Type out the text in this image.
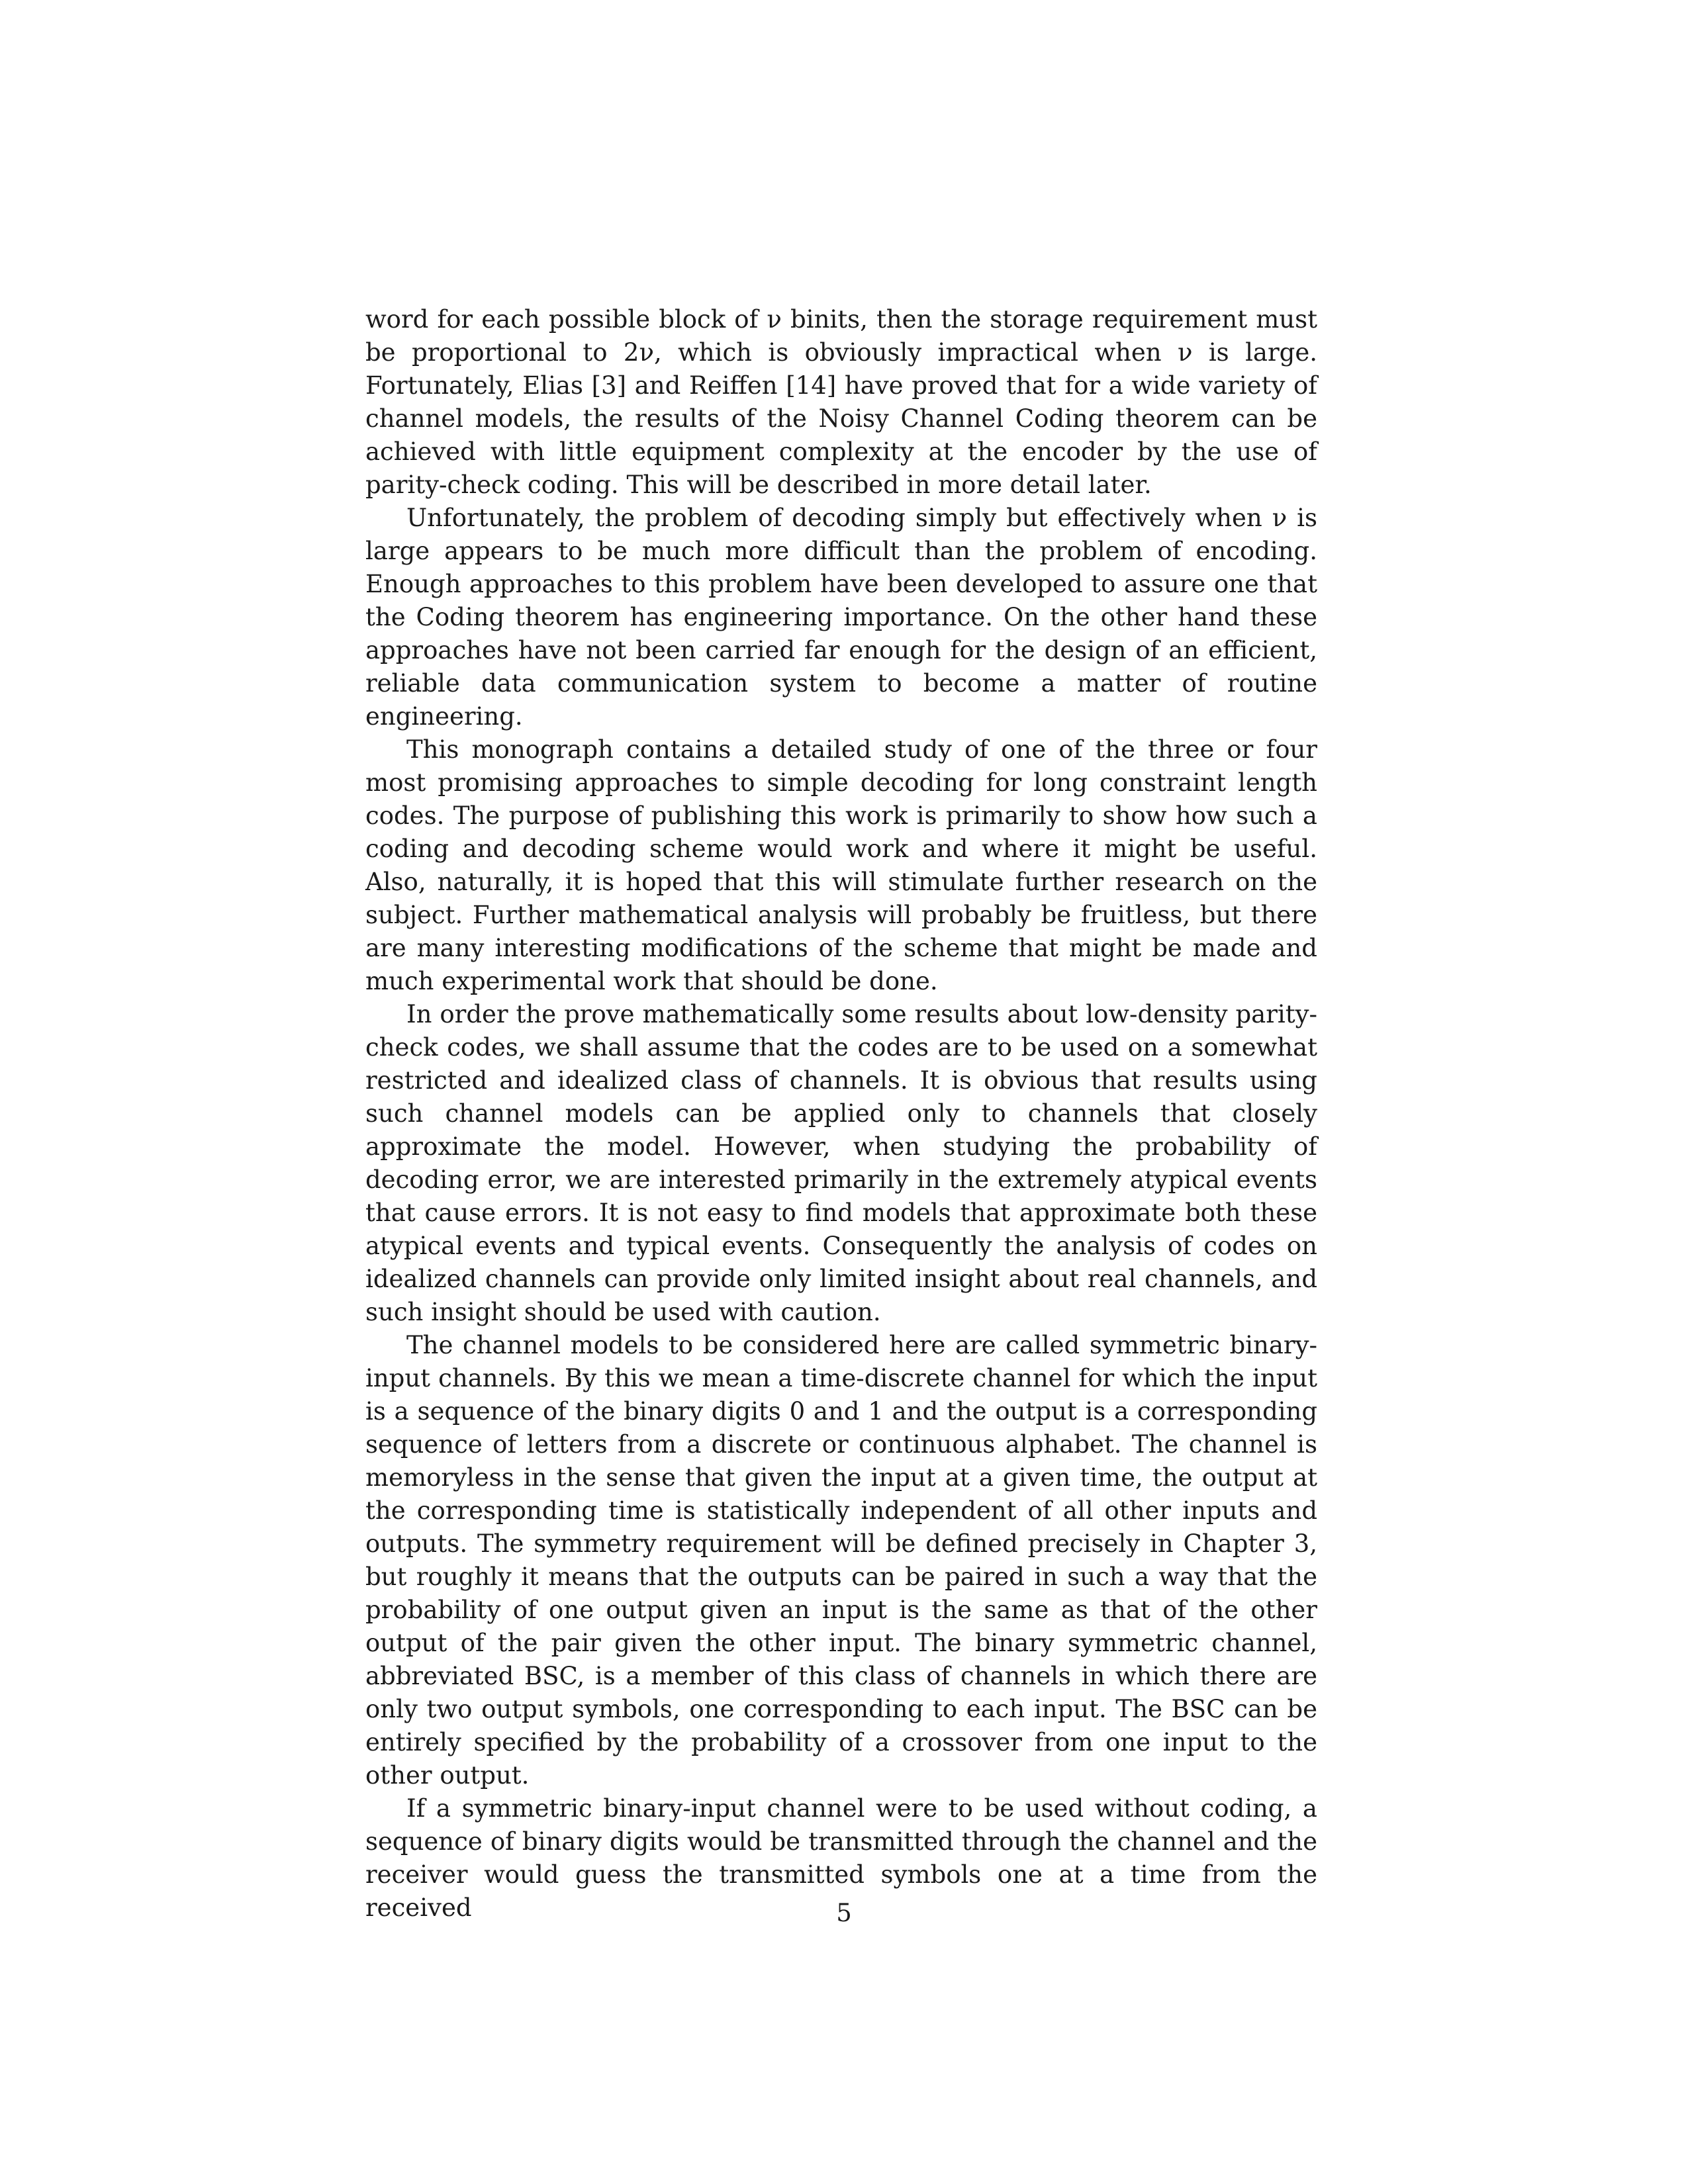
word for each possible block of ν binits, then the storage requirement must be proportional to 2ν, which is obviously impractical when ν is large. Fortunately, Elias [3] and Reiffen [14] have proved that for a wide variety of channel models, the results of the Noisy Channel Coding theorem can be achieved with little equipment complexity at the encoder by the use of parity-check coding. This will be described in more detail later.

Unfortunately, the problem of decoding simply but effectively when ν is large appears to be much more difficult than the problem of encoding. Enough approaches to this problem have been developed to assure one that the Coding theorem has engineering importance. On the other hand these approaches have not been carried far enough for the design of an efficient, reliable data communication system to become a matter of routine engineering.

This monograph contains a detailed study of one of the three or four most promising approaches to simple decoding for long constraint length codes. The purpose of publishing this work is primarily to show how such a coding and decoding scheme would work and where it might be useful. Also, naturally, it is hoped that this will stimulate further research on the subject. Further mathematical analysis will probably be fruitless, but there are many interesting modifications of the scheme that might be made and much experimental work that should be done.

In order the prove mathematically some results about low-density parity-check codes, we shall assume that the codes are to be used on a somewhat restricted and idealized class of channels. It is obvious that results using such channel models can be applied only to channels that closely approximate the model. However, when studying the probability of decoding error, we are interested primarily in the extremely atypical events that cause errors. It is not easy to find models that approximate both these atypical events and typical events. Consequently the analysis of codes on idealized channels can provide only limited insight about real channels, and such insight should be used with caution.

The channel models to be considered here are called symmetric binary-input channels. By this we mean a time-discrete channel for which the input is a sequence of the binary digits 0 and 1 and the output is a corresponding sequence of letters from a discrete or continuous alphabet. The channel is memoryless in the sense that given the input at a given time, the output at the corresponding time is statistically independent of all other inputs and outputs. The symmetry requirement will be defined precisely in Chapter 3, but roughly it means that the outputs can be paired in such a way that the probability of one output given an input is the same as that of the other output of the pair given the other input. The binary symmetric channel, abbreviated BSC, is a member of this class of channels in which there are only two output symbols, one corresponding to each input. The BSC can be entirely specified by the probability of a crossover from one input to the other output.

If a symmetric binary-input channel were to be used without coding, a sequence of binary digits would be transmitted through the channel and the receiver would guess the transmitted symbols one at a time from the received	5
